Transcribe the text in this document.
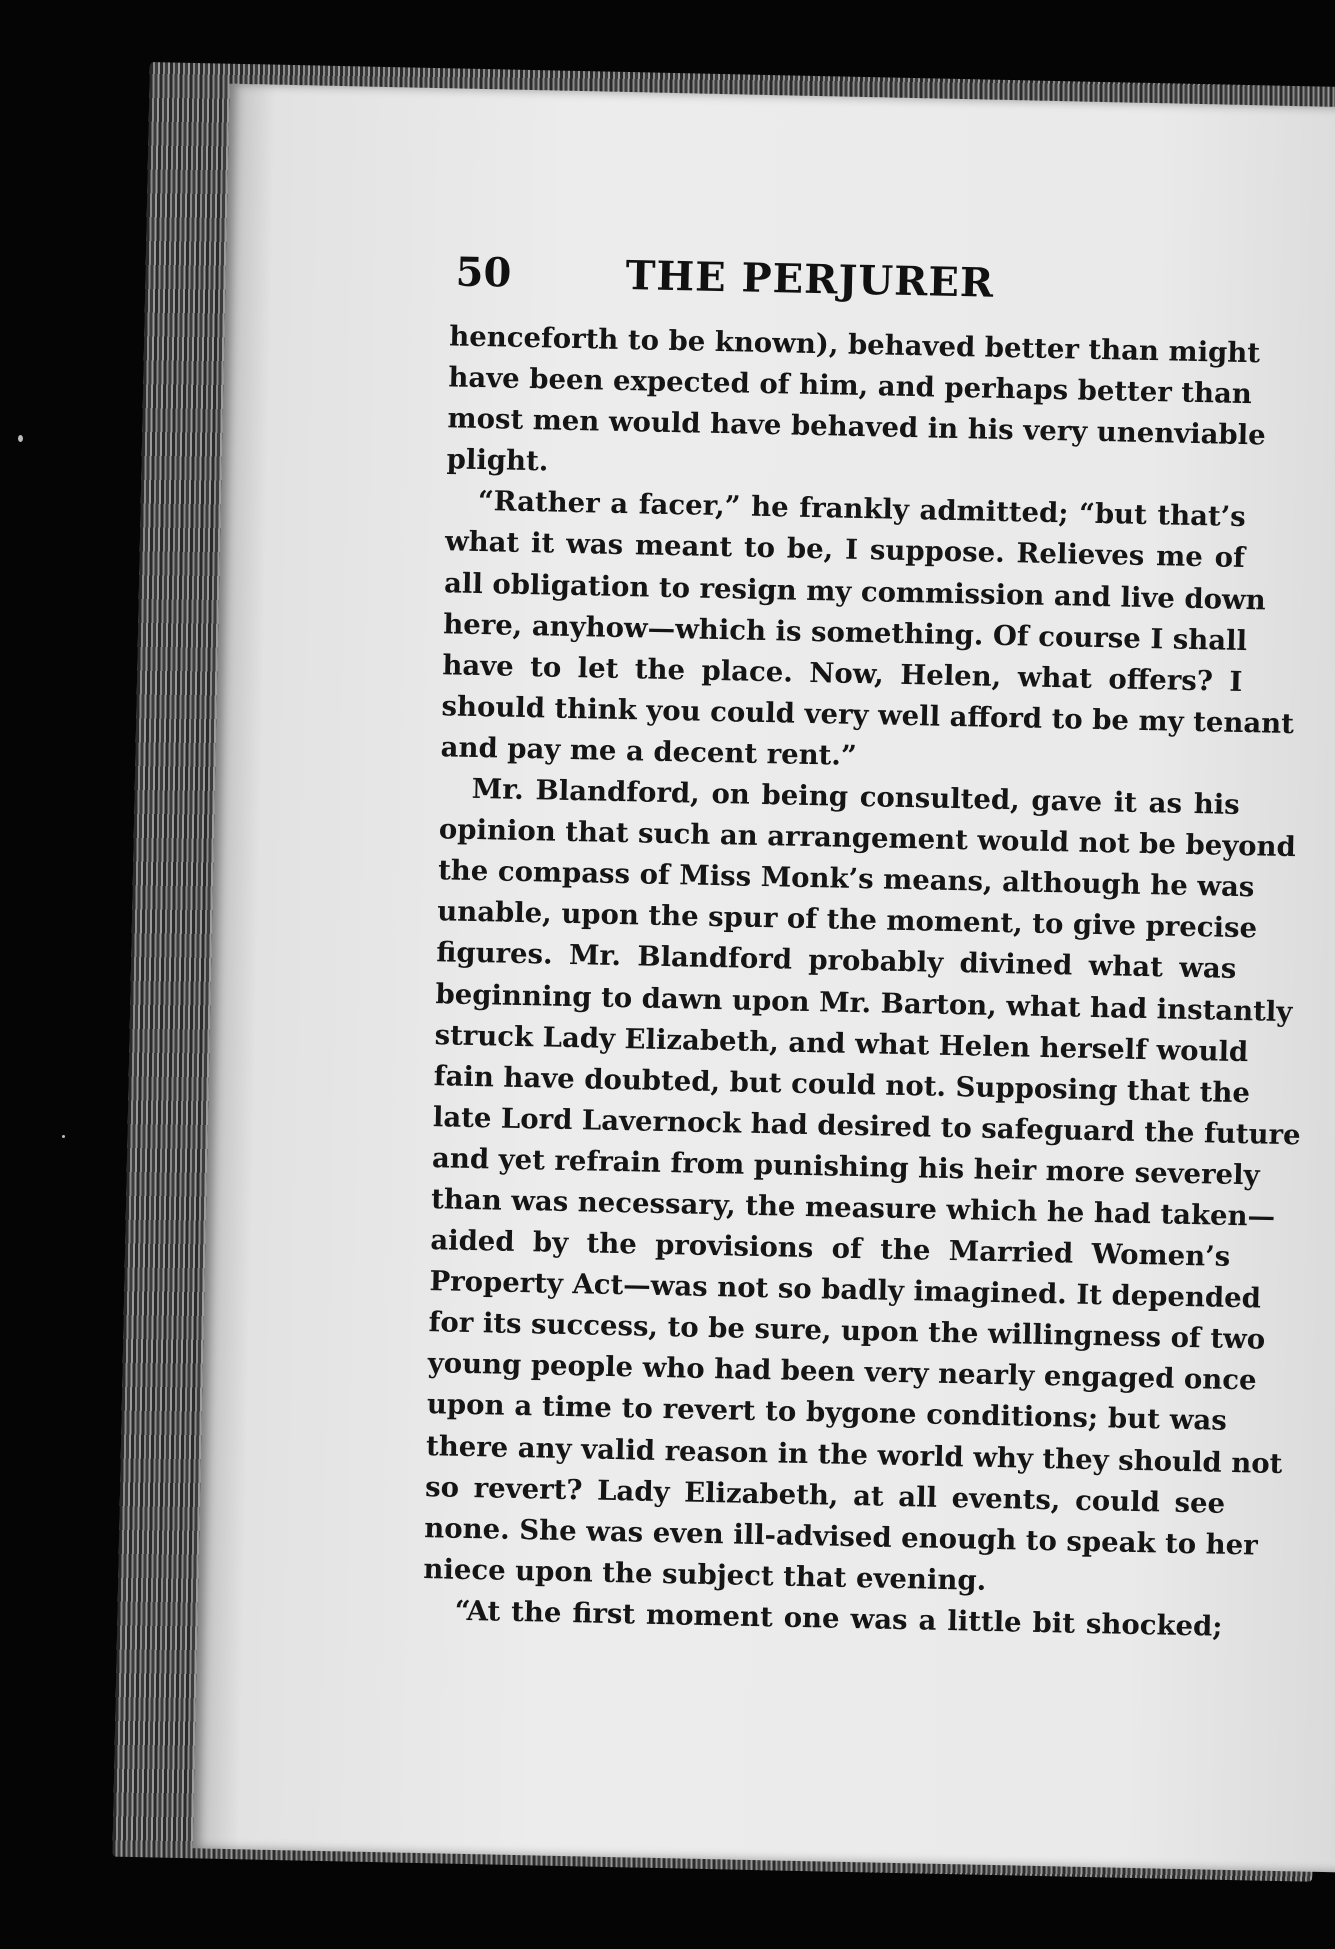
50	THE PERJURER
henceforth to be known), behaved better than might
have been expected of him, and perhaps better than
most men would have behaved in his very unenviable
plight.
“Rather a facer,” he frankly admitted; “but that’s
what it was meant to be, I suppose. Relieves me of
all obligation to resign my commission and live down
here, anyhow—which is something. Of course I shall
have to let the place. Now, Helen, what offers? I
should think you could very well afford to be my tenant
and pay me a decent rent.”
Mr. Blandford, on being consulted, gave it as his
opinion that such an arrangement would not be beyond
the compass of Miss Monk’s means, although he was
unable, upon the spur of the moment, to give precise
figures. Mr. Blandford probably divined what was
beginning to dawn upon Mr. Barton, what had instantly
struck Lady Elizabeth, and what Helen herself would
fain have doubted, but could not. Supposing that the
late Lord Lavernock had desired to safeguard the future
and yet refrain from punishing his heir more severely
than was necessary, the measure which he had taken—
aided by the provisions of the Married Women’s
Property Act—was not so badly imagined. It depended
for its success, to be sure, upon the willingness of two
young people who had been very nearly engaged once
upon a time to revert to bygone conditions; but was
there any valid reason in the world why they should not
so revert? Lady Elizabeth, at all events, could see
none. She was even ill-advised enough to speak to her
niece upon the subject that evening.
“At the first moment one was a little bit shocked;
